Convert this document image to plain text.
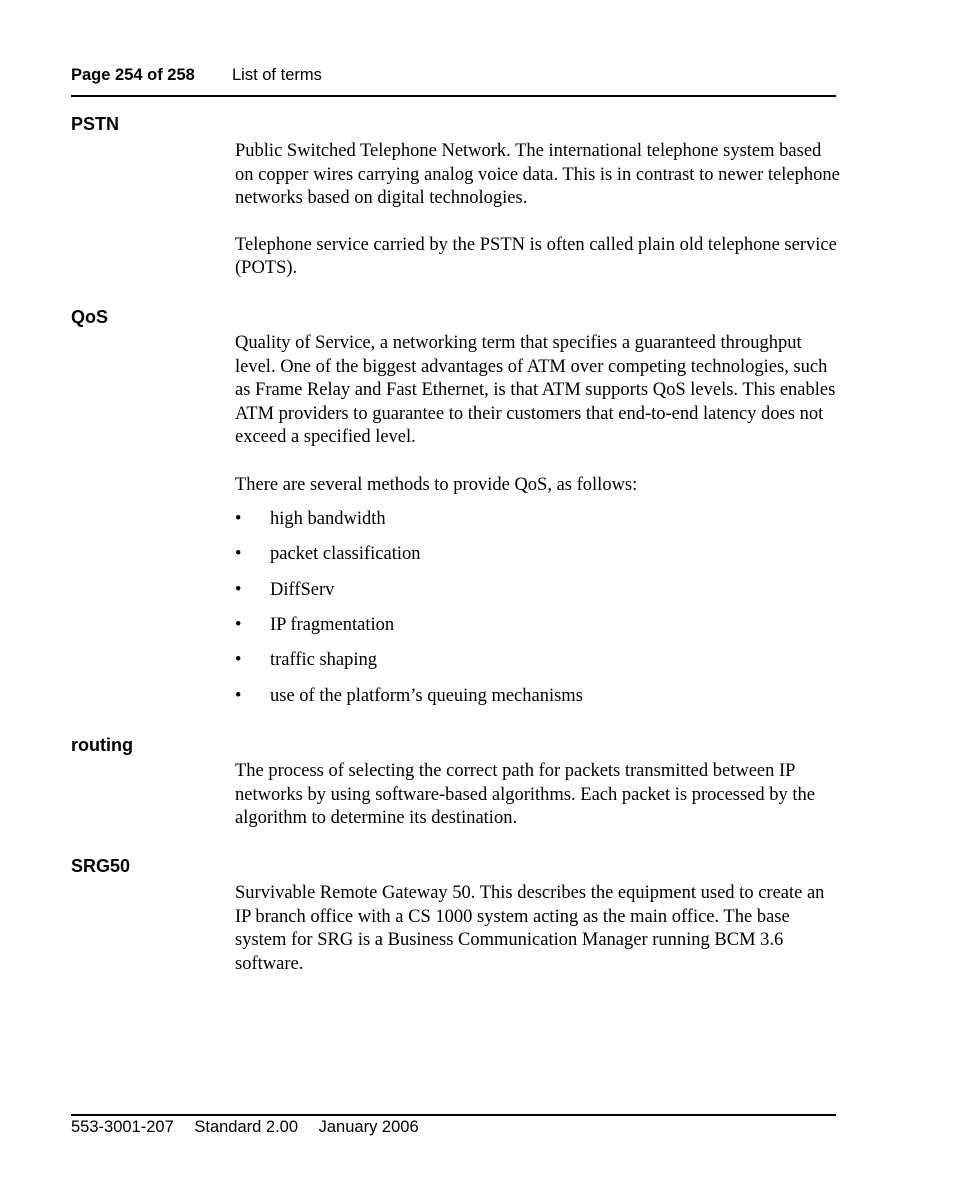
Page 254 of 258 List of terms
PSTN

Public Switched Telephone Network. The international telephone system based on copper wires carrying analog voice data. This is in contrast to newer telephone networks based on digital technologies.

Telephone service carried by the PSTN is often called plain old telephone service (POTS).

QoS

Quality of Service, a networking term that specifies a guaranteed throughput level. One of the biggest advantages of ATM over competing technologies, such as Frame Relay and Fast Ethernet, is that ATM supports QoS levels. This enables ATM providers to guarantee to their customers that end-to-end latency does not exceed a specified level.

There are several methods to provide QoS, as follows:

• high bandwidth
• packet classification
• DiffServ
• IP fragmentation
• traffic shaping
• use of the platform’s queuing mechanisms
routing

The process of selecting the correct path for packets transmitted between IP networks by using software-based algorithms. Each packet is processed by the algorithm to determine its destination.

SRG50

Survivable Remote Gateway 50. This describes the equipment used to create an IP branch office with a CS 1000 system acting as the main office. The base system for SRG is a Business Communication Manager running BCM 3.6 software.

553-3001-207 Standard 2.00 January 2006
